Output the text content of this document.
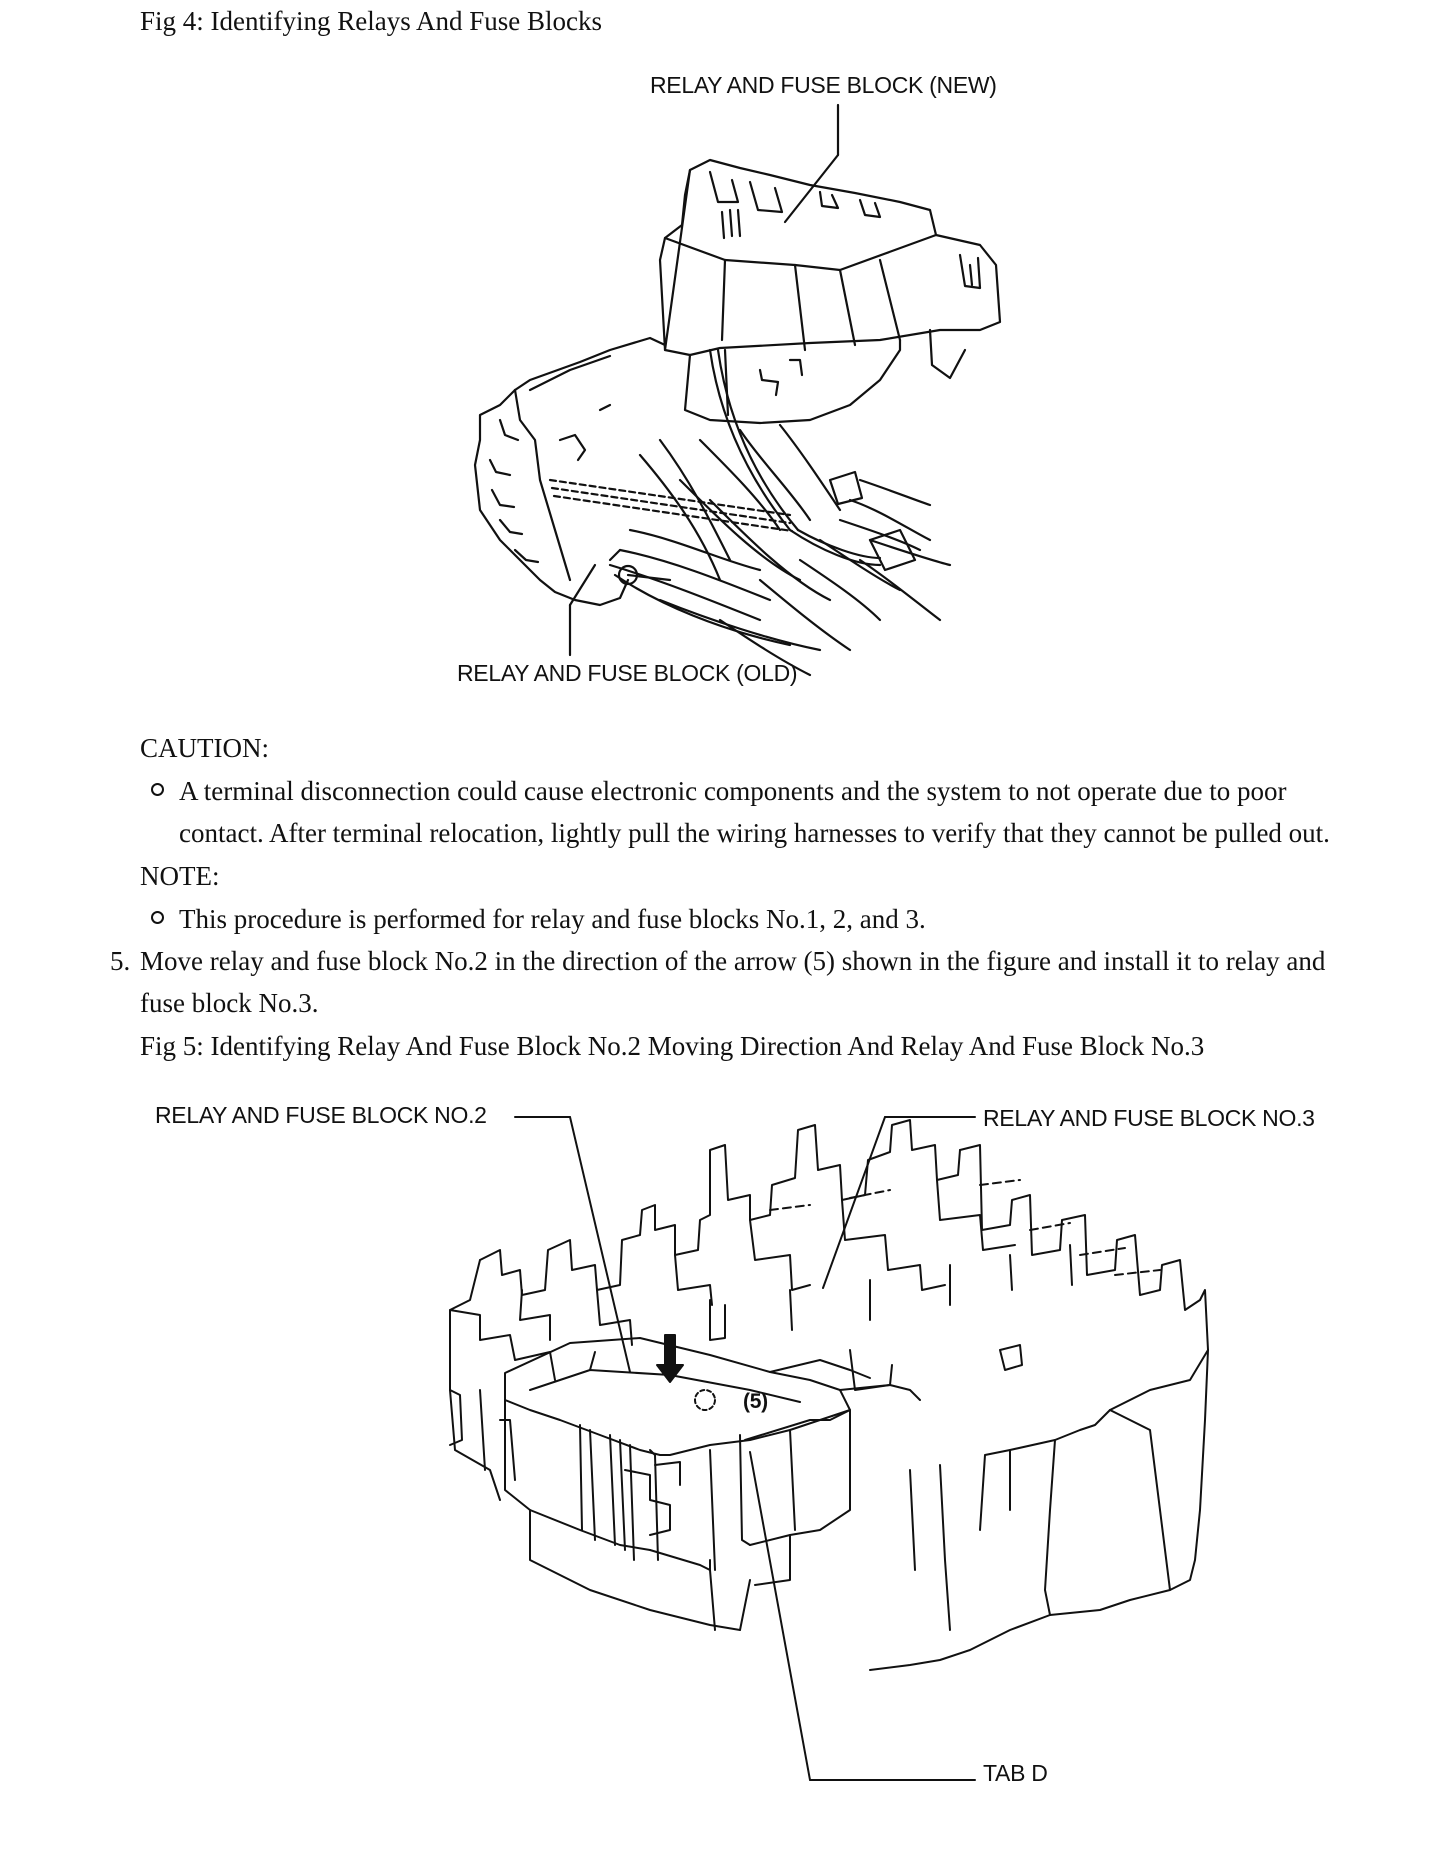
Fig 4: Identifying Relays And Fuse Blocks
RELAY AND FUSE BLOCK (NEW)
RELAY AND FUSE BLOCK (OLD)
CAUTION:
A terminal disconnection could cause electronic components and the system to not operate due to poor
contact. After terminal relocation, lightly pull the wiring harnesses to verify that they cannot be pulled out.
NOTE:
This procedure is performed for relay and fuse blocks No.1, 2, and 3.
5. Move relay and fuse block No.2 in the direction of the arrow (5) shown in the figure and install it to relay and
fuse block No.3.
Fig 5: Identifying Relay And Fuse Block No.2 Moving Direction And Relay And Fuse Block No.3
RELAY AND FUSE BLOCK NO.2	RELAY AND FUSE BLOCK NO.3
(5)
TAB D
